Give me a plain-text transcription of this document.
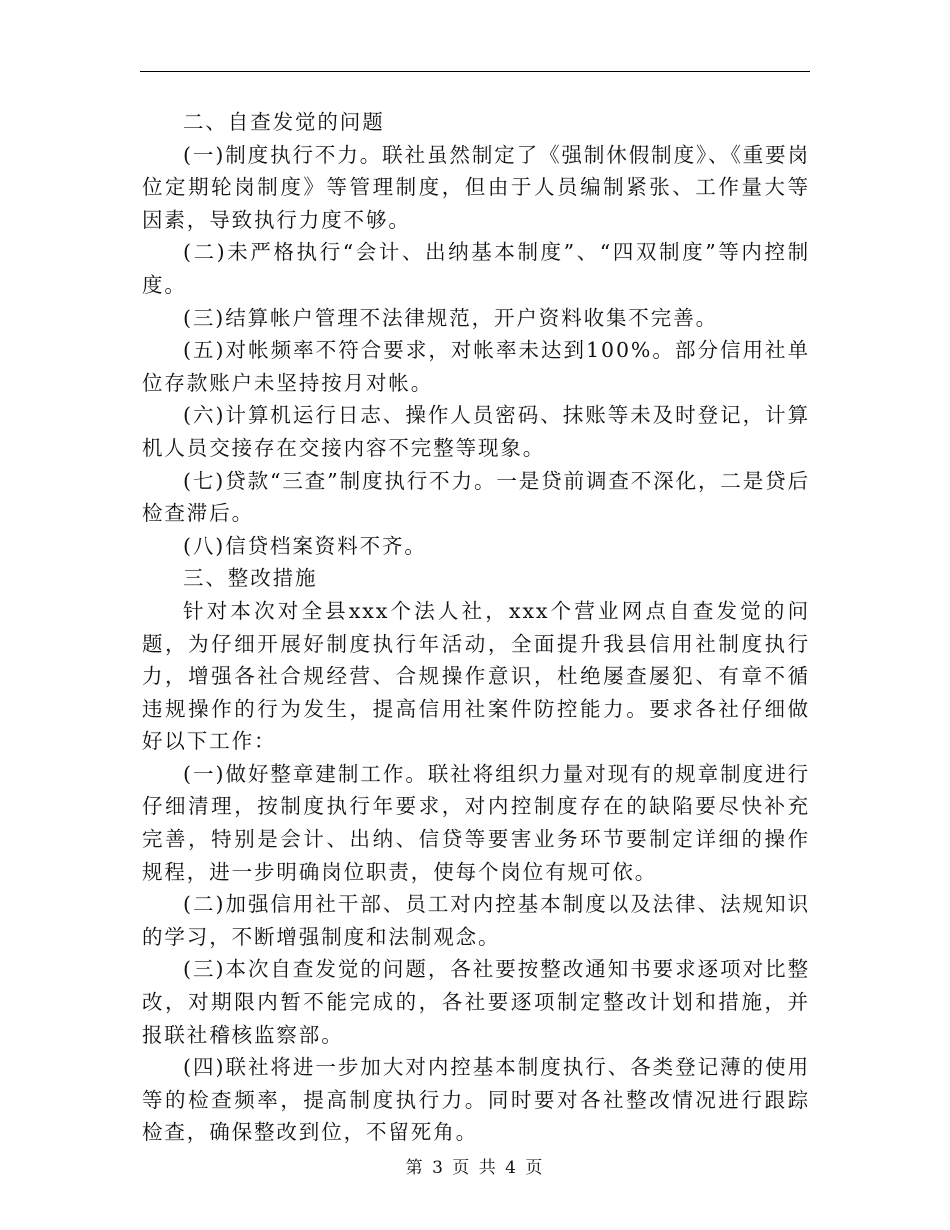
二、自查发觉的问题

(一)制度执行不力。联社虽然制定了《强制休假制度》、《重要岗位定期轮岗制度》等管理制度，但由于人员编制紧张、工作量大等因素，导致执行力度不够。

(二)未严格执行“会计、出纳基本制度”、“四双制度”等内控制度。

(三)结算帐户管理不法律规范，开户资料收集不完善。

(五)对帐频率不符合要求，对帐率未达到100%。部分信用社单位存款账户未坚持按月对帐。

(六)计算机运行日志、操作人员密码、抹账等未及时登记，计算机人员交接存在交接内容不完整等现象。

(七)贷款“三查”制度执行不力。一是贷前调查不深化，二是贷后检查滞后。

(八)信贷档案资料不齐。

三、整改措施

针对本次对全县xxx个法人社，xxx个营业网点自查发觉的问题，为仔细开展好制度执行年活动，全面提升我县信用社制度执行力，增强各社合规经营、合规操作意识，杜绝屡查屡犯、有章不循违规操作的行为发生，提高信用社案件防控能力。要求各社仔细做好以下工作：

(一)做好整章建制工作。联社将组织力量对现有的规章制度进行仔细清理，按制度执行年要求，对内控制度存在的缺陷要尽快补充完善，特别是会计、出纳、信贷等要害业务环节要制定详细的操作规程，进一步明确岗位职责，使每个岗位有规可依。

(二)加强信用社干部、员工对内控基本制度以及法律、法规知识的学习，不断增强制度和法制观念。

(三)本次自查发觉的问题，各社要按整改通知书要求逐项对比整改，对期限内暂不能完成的，各社要逐项制定整改计划和措施，并报联社稽核监察部。

(四)联社将进一步加大对内控基本制度执行、各类登记薄的使用等的检查频率，提高制度执行力。同时要对各社整改情况进行跟踪检查，确保整改到位，不留死角。

第 3 页 共 4 页
